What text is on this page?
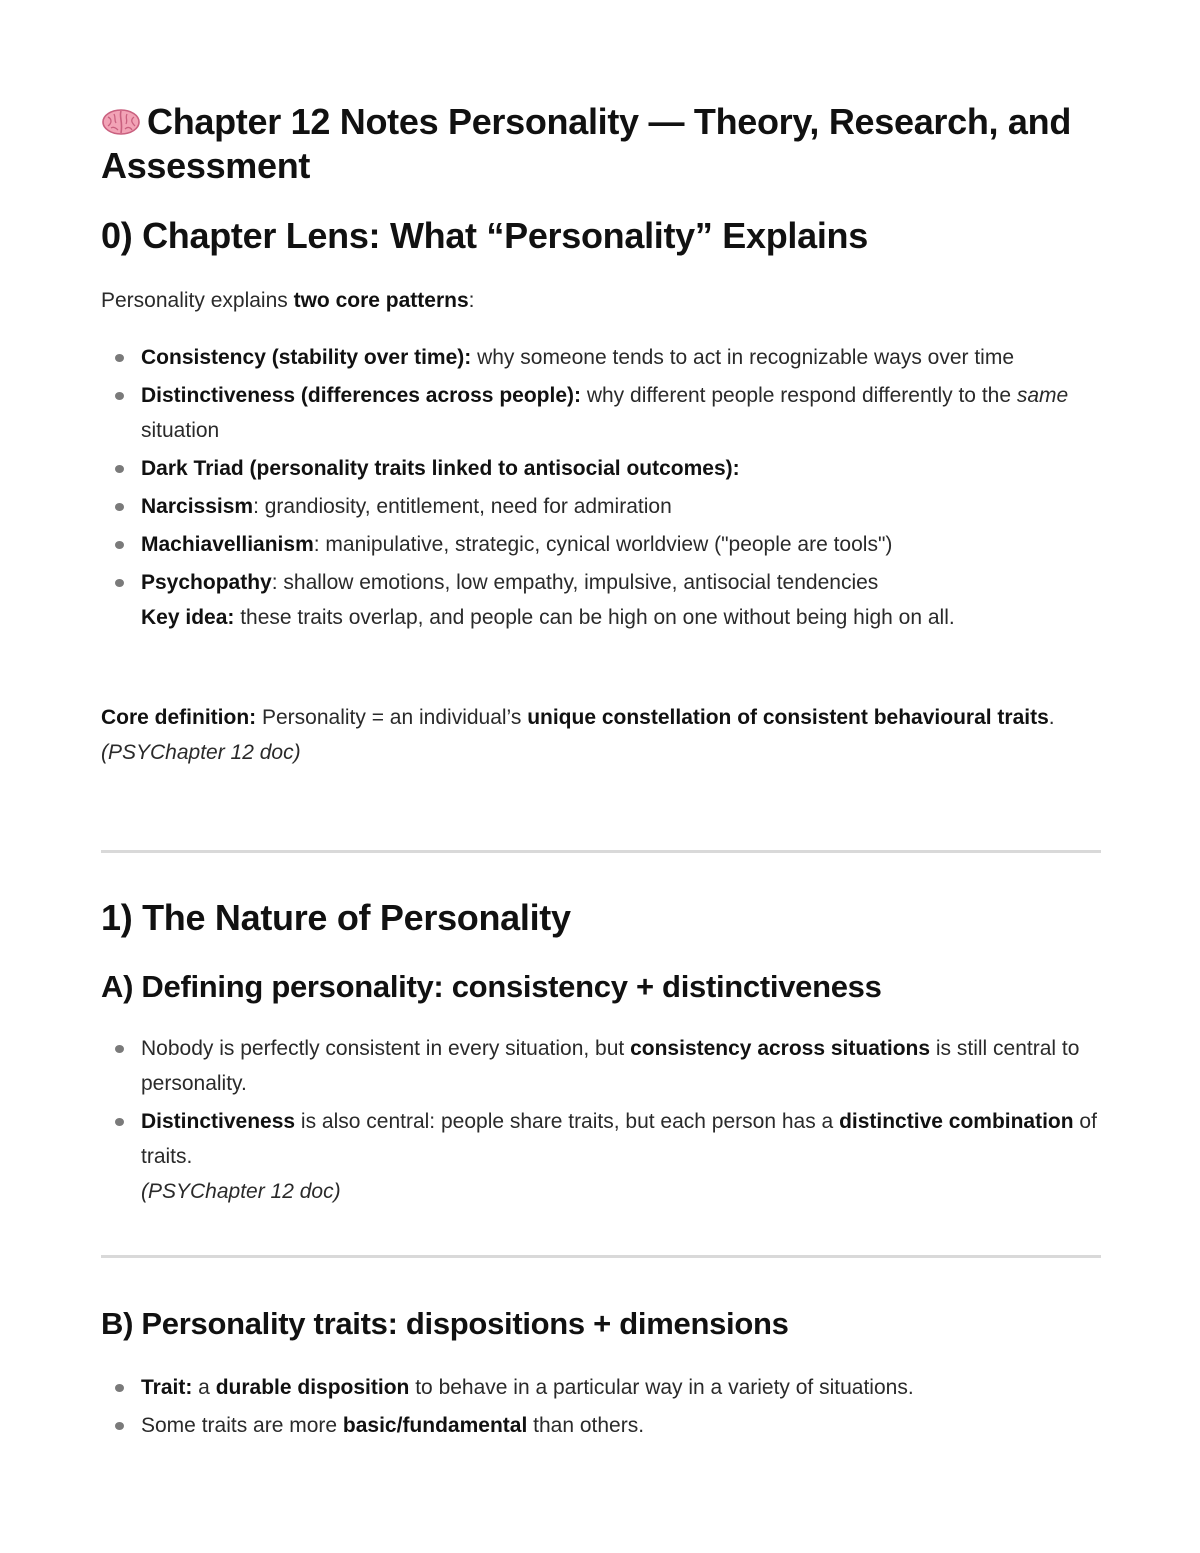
Chapter 12 Notes Personality — Theory, Research, and Assessment
0) Chapter Lens: What “Personality” Explains

Personality explains two core patterns:

Consistency (stability over time): why someone tends to act in recognizable ways over time
Distinctiveness (differences across people): why different people respond differently to the same situation
Dark Triad (personality traits linked to antisocial outcomes):
Narcissism: grandiosity, entitlement, need for admiration
Machiavellianism: manipulative, strategic, cynical worldview ("people are tools")
Psychopathy: shallow emotions, low empathy, impulsive, antisocial tendencies
Key idea: these traits overlap, and people can be high on one without being high on all.

Core definition: Personality = an individual’s unique constellation of consistent behavioural traits.
(PSYChapter 12 doc)

1) The Nature of Personality
A) Defining personality: consistency + distinctiveness
Nobody is perfectly consistent in every situation, but consistency across situations is still central to personality.
Distinctiveness is also central: people share traits, but each person has a distinctive combination of traits.
(PSYChapter 12 doc)
B) Personality traits: dispositions + dimensions
Trait: a durable disposition to behave in a particular way in a variety of situations.
Some traits are more basic/fundamental than others.
